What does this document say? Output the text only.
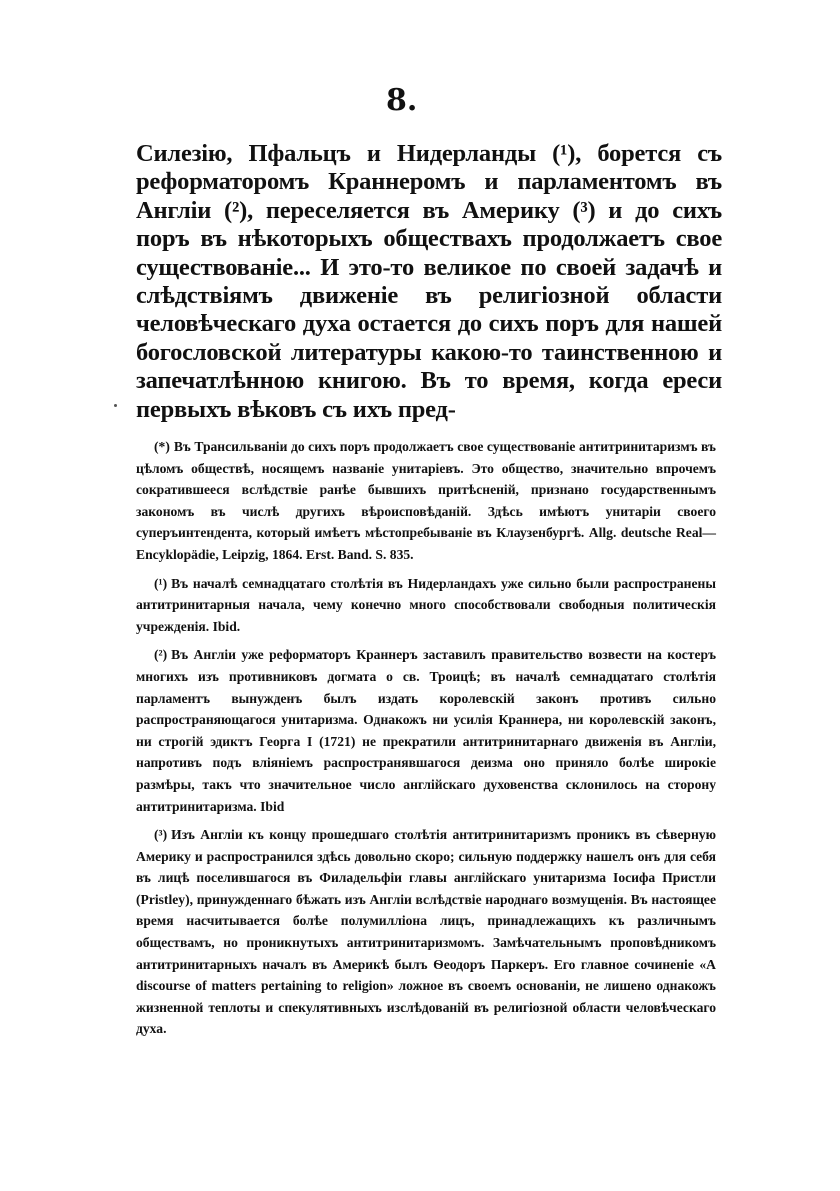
8.

Силезію, Пфальцъ и Нидерланды (¹), борется съ реформаторомъ Краннеромъ и парламентомъ въ Англіи (²), переселяется въ Америку (³) и до сихъ поръ въ нѣкоторыхъ обществахъ продолжаетъ свое существованіе... И это-то великое по своей задачѣ и слѣдствіямъ движеніе въ религіозной области человѣческаго духа остается до сихъ поръ для нашей богословской литературы какою-то таинственною и запечатлѣнною книгою. Въ то время, когда ереси первыхъ вѣковъ съ ихъ пред-

(*) Въ Трансильваніи до сихъ поръ продолжаетъ свое существованіе антитринитаризмъ въ цѣломъ обществѣ, носящемъ названіе унитаріевъ. Это общество, значительно впрочемъ сократившееся вслѣдствіе ранѣе бывшихъ притѣсненій, признано государственнымъ закономъ въ числѣ другихъ вѣроисповѣданій. Здѣсь имѣютъ унитаріи своего суперъинтендента, который имѣетъ мѣстопребываніе въ Клаузенбургѣ. Allg. deutsche Real—Encyklopädie, Leipzig, 1864. Erst. Band. S. 835.

(¹) Въ началѣ семнадцатаго столѣтія въ Нидерландахъ уже сильно были распространены антитринитарныя начала, чему конечно много способствовали свободныя политическія учрежденія. Ibid.

(²) Въ Англіи уже реформаторъ Краннеръ заставилъ правительство возвести на костеръ многихъ изъ противниковъ догмата о св. Троицѣ; въ началѣ семнадцатаго столѣтія парламентъ вынужденъ былъ издать королевскій законъ противъ сильно распространяющагося унитаризма. Однакожъ ни усилія Краннера, ни королевскій законъ, ни строгій эдиктъ Георга I (1721) не прекратили антитринитарнаго движенія въ Англіи, напротивъ подъ вліяніемъ распространявшагося деизма оно приняло болѣе широкіе размѣры, такъ что значительное число англійскаго духовенства склонилось на сторону антитринитаризма. Ibid

(³) Изъ Англіи къ концу прошедшаго столѣтія антитринитаризмъ проникъ въ сѣверную Америку и распространился здѣсь довольно скоро; сильную поддержку нашелъ онъ для себя въ лицѣ поселившагося въ Филадельфіи главы англійскаго унитаризма Іосифа Пристли (Pristley), принужденнаго бѣжать изъ Англіи вслѣдствіе народнаго возмущенія. Въ настоящее время насчитывается болѣе полумилліона лицъ, принадлежащихъ къ различнымъ обществамъ, но проникнутыхъ антитринитаризмомъ. Замѣчательнымъ проповѣдникомъ антитринитарныхъ началъ въ Америкѣ былъ Ѳеодоръ Паркеръ. Его главное сочиненіе «A discourse of matters pertaining to religion» ложное въ своемъ основаніи, не лишено однакожъ жизненной теплоты и спекулятивныхъ изслѣдованій въ религіозной области человѣческаго духа.
